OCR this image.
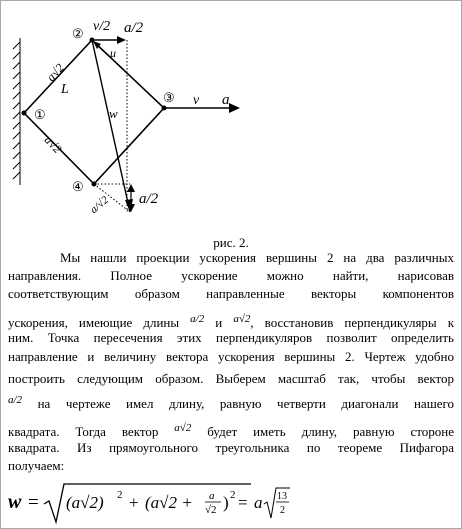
①
②
③
④
a√2
L
a√2
a/√2
v/2 a/2
u
w
v a
a/2
рис. 2.
Мы нашли проекции ускорения вершины 2 на два различных
направления. Полное ускорение можно найти, нарисовав
соответствующим образом направленные векторы компонентов
ускорения, имеющие длины $^{a/2}$ и $^{a√2}$, восстановив перпендикуляры к
ним. Точка пересечения этих перпендикуляров позволит определить
направление и величину вектора ускорения вершины 2. Чертеж удобно
построить следующим образом. Выберем масштаб так, чтобы вектор
$^{a/2}$ на чертеже имел длину, равную четверти диагонали нашего
квадрата. Тогда вектор $^{a√2}$ будет иметь длину, равную стороне
квадрата. Из прямоугольного треугольника по теореме Пифагора
получаем:
w = (a√2) 2 + (a√2 + a
√2 ) 2 = a 13
2
